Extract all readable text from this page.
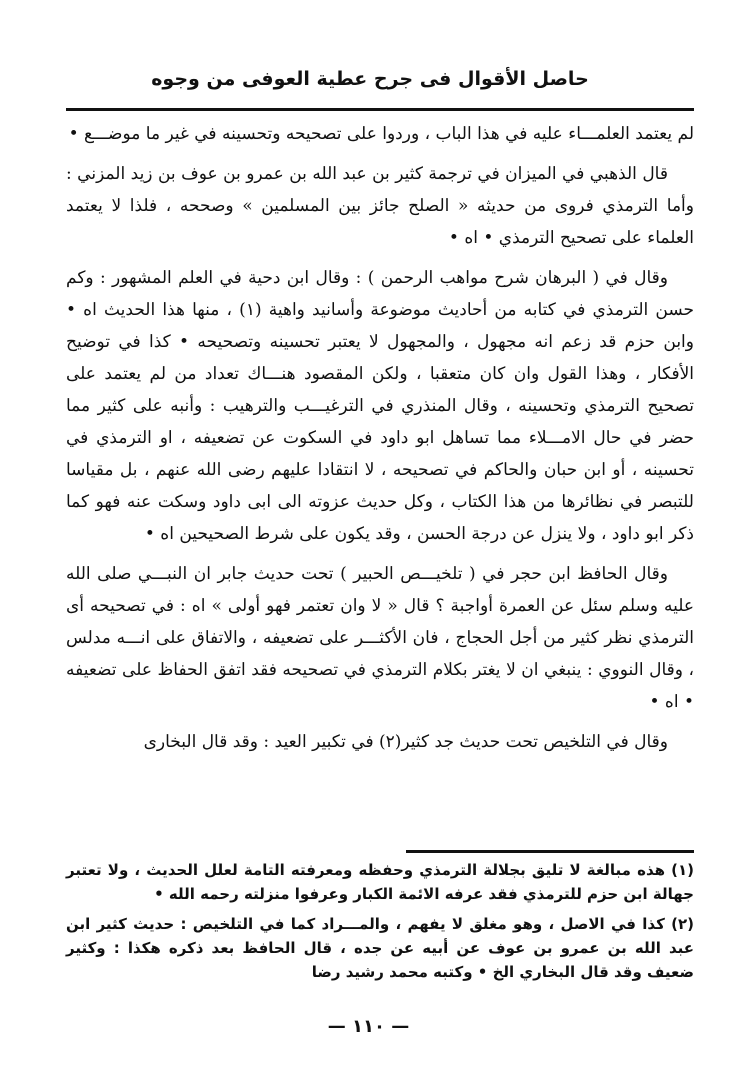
حاصل الأقوال فى جرح عطية العوفى من وجوه

لم يعتمد العلمـــاء عليه في هذا الباب ، وردوا على تصحيحه وتحسينه في غير ما موضـــع •

قال الذهبي في الميزان في ترجمة كثير بن عبد الله بن عمرو بن عوف بن زيد المزني : وأما الترمذي فروى من حديثه « الصلح جائز بين المسلمين » وصححه ، فلذا لا يعتمد العلماء على تصحيح الترمذي • اه •

وقال في ( البرهان شرح مواهب الرحمن ) : وقال ابن دحية في العلم المشهور : وكم حسن الترمذي في كتابه من أحاديث موضوعة وأسانيد واهية (١) ، منها هذا الحديث اه • وابن حزم قد زعم انه مجهول ، والمجهول لا يعتبر تحسينه وتصحيحه • كذا في توضيح الأفكار ، وهذا القول وان كان متعقبا ، ولكن المقصود هنـــاك تعداد من لم يعتمد على تصحيح الترمذي وتحسينه ، وقال المنذري في الترغيـــب والترهيب : وأنبه على كثير مما حضر في حال الامـــلاء مما تساهل ابو داود في السكوت عن تضعيفه ، او الترمذي في تحسينه ، أو ابن حبان والحاكم في تصحيحه ، لا انتقادا عليهم رضى الله عنهم ، بل مقياسا للتبصر في نظائرها من هذا الكتاب ، وكل حديث عزوته الى ابى داود وسكت عنه فهو كما ذكر ابو داود ، ولا ينزل عن درجة الحسن ، وقد يكون على شرط الصحيحين اه •

وقال الحافظ ابن حجر في ( تلخيـــص الحبير ) تحت حديث جابر ان النبـــي صلى الله عليه وسلم سئل عن العمرة أواجبة ؟ قال « لا وان تعتمر فهو أولى » اه : في تصحيحه أى الترمذي نظر كثير من أجل الحجاج ، فان الأكثـــر على تضعيفه ، والاتفاق على انـــه مدلس ، وقال النووي : ينبغي ان لا يغتر بكلام الترمذي في تصحيحه فقد اتفق الحفاظ على تضعيفه • اه •

وقال في التلخيص تحت حديث جد كثير(٢) في تكبير العيد : وقد قال البخارى

(١) هذه مبالغة لا تليق بجلالة الترمذي وحفظه ومعرفته التامة لعلل الحديث ، ولا تعتبر جهالة ابن حزم للترمذي فقد عرفه الائمة الكبار وعرفوا منزلته رحمه الله •

(٢) كذا في الاصل ، وهو مغلق لا يفهم ، والمـــراد كما في التلخيص : حديث كثير ابن عبد الله بن عمرو بن عوف عن أبيه عن جده ، قال الحافظ بعد ذكره هكذا : وكثير ضعيف وقد قال البخاري الخ • وكتبه محمد رشيد رضا

— ١١٠ —
